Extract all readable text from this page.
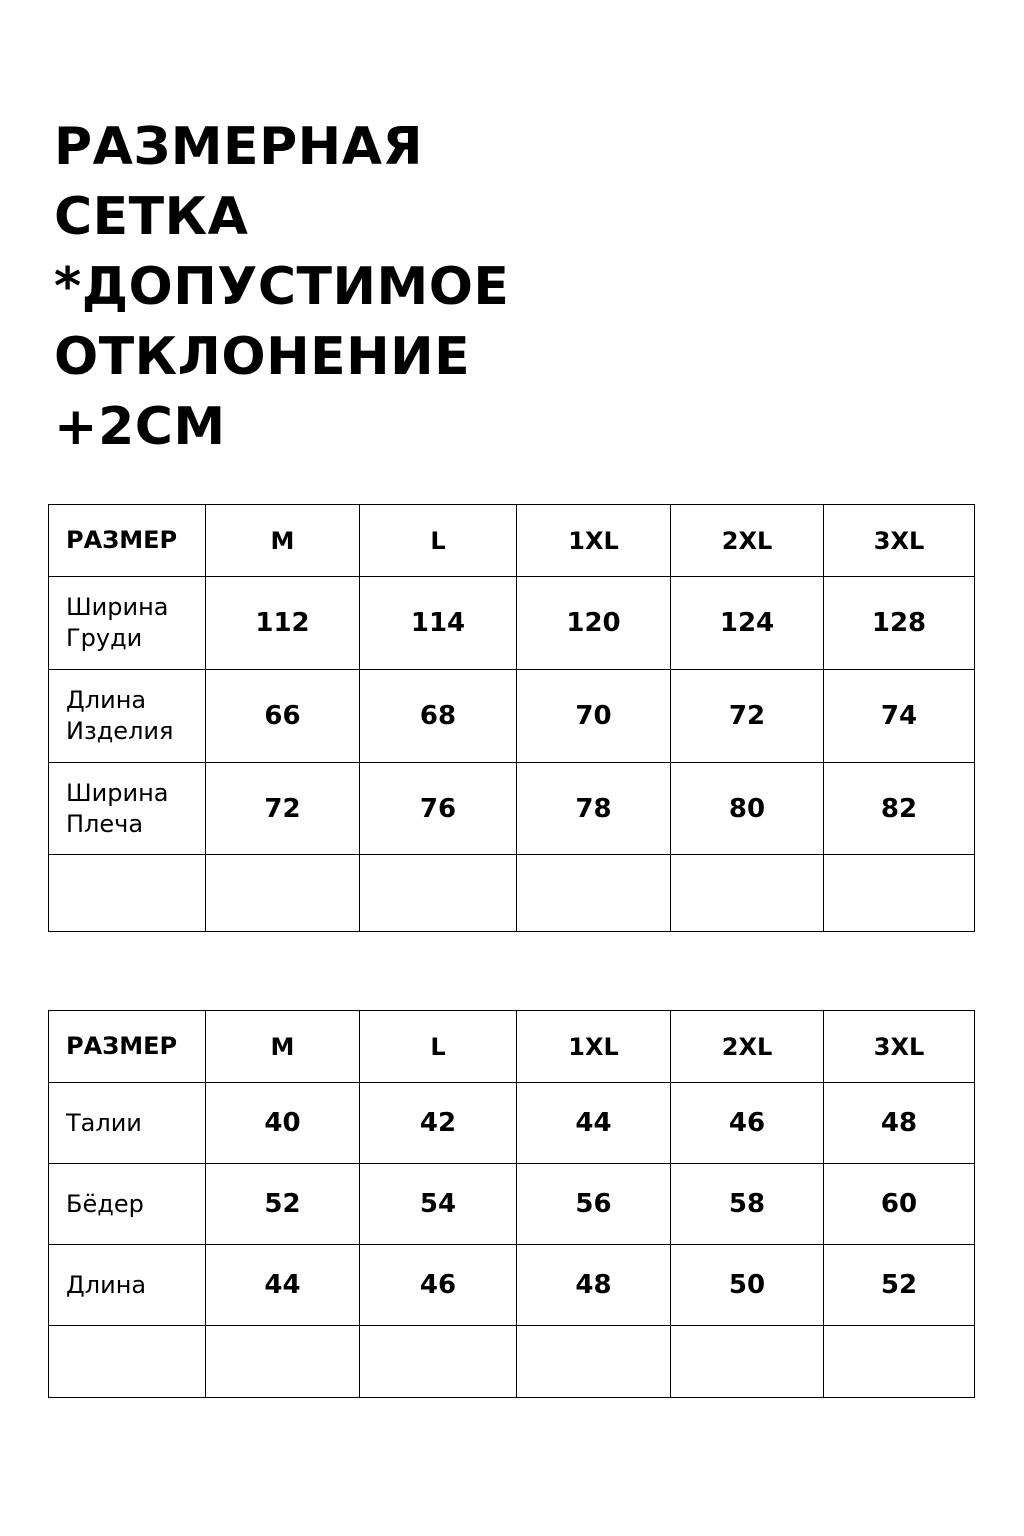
РАЗМЕРНАЯ
СЕТКА
*ДОПУСТИМОЕ
ОТКЛОНЕНИЕ
+2СМ
РАЗМЕР	M	L	1XL	2XL	3XL

Ширина
Груди	112	114	120	124	128

Длина
Изделия	66	68	70	72	74

Ширина
Плеча	72	76	78	80	82

РАЗМЕР	M	L	1XL	2XL	3XL
Талии	40	42	44	46	48
Бёдер	52	54	56	58	60
Длина	44	46	48	50	52
